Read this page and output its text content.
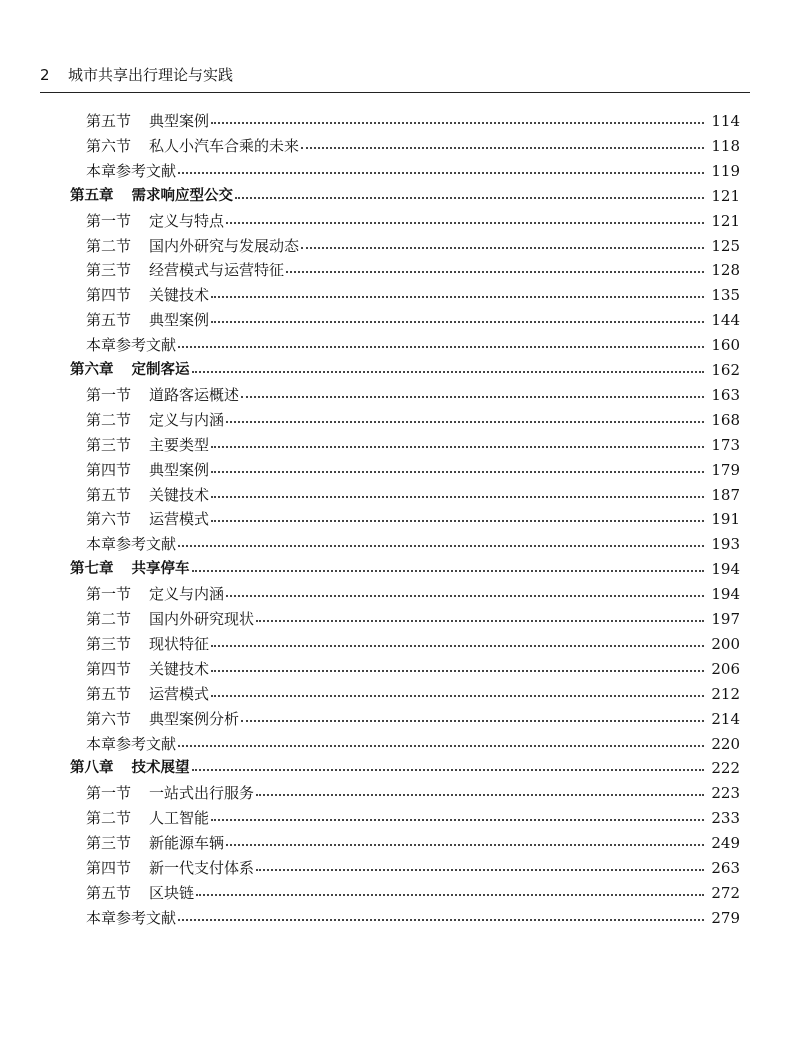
2 城市共享出行理论与实践
第五节 典型案例	114
第六节 私人小汽车合乘的未来	118
本章参考文献	119
第五章 需求响应型公交	121
第一节 定义与特点	121
第二节 国内外研究与发展动态	125
第三节 经营模式与运营特征	128
第四节 关键技术	135
第五节 典型案例	144
本章参考文献	160
第六章 定制客运	162
第一节 道路客运概述	163
第二节 定义与内涵	168
第三节 主要类型	173
第四节 典型案例	179
第五节 关键技术	187
第六节 运营模式	191
本章参考文献	193
第七章 共享停车	194
第一节 定义与内涵	194
第二节 国内外研究现状	197
第三节 现状特征	200
第四节 关键技术	206
第五节 运营模式	212
第六节 典型案例分析	214
本章参考文献	220
第八章 技术展望	222
第一节 一站式出行服务	223
第二节 人工智能	233
第三节 新能源车辆	249
第四节 新一代支付体系	263
第五节 区块链	272
本章参考文献	279
